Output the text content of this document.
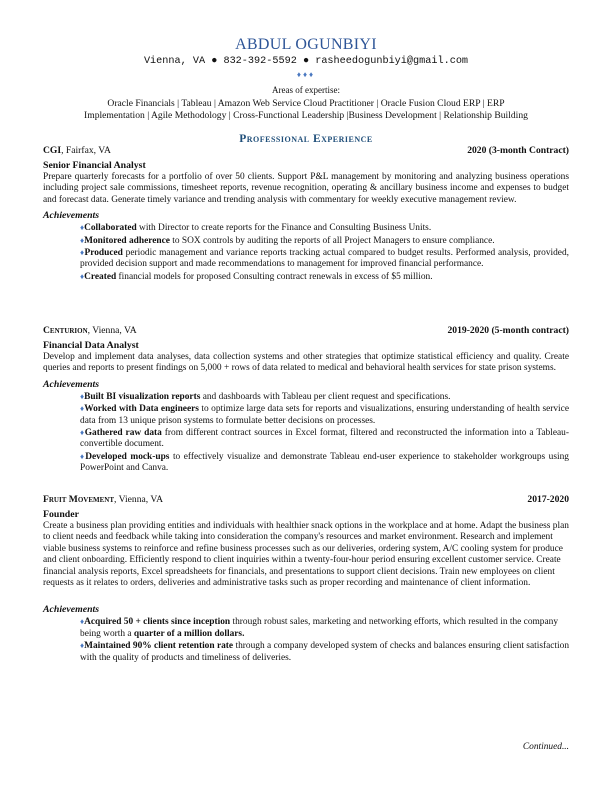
ABDUL OGUNBIYI
Vienna, VA ● 832-392-5592 ● rasheedogunbiyi@gmail.com
♦♦♦
Areas of expertise:
Oracle Financials | Tableau | Amazon Web Service Cloud Practitioner | Oracle Fusion Cloud ERP | ERP
Implementation | Agile Methodology | Cross-Functional Leadership |Business Development | Relationship Building
Professional Experience
CGI, Fairfax, VA	2020 (3-month Contract)
Senior Financial Analyst
Prepare quarterly forecasts for a portfolio of over 50 clients. Support P&L management by monitoring and analyzing business operations including project sale commissions, timesheet reports, revenue recognition, operating & ancillary business income and expenses to budget and forecast data. Generate timely variance and trending analysis with commentary for weekly executive management review.
Achievements
♦Collaborated with Director to create reports for the Finance and Consulting Business Units.
♦Monitored adherence to SOX controls by auditing the reports of all Project Managers to ensure compliance.
♦Produced periodic management and variance reports tracking actual compared to budget results. Performed analysis, provided, provided decision support and made recommendations to management for improved financial performance.
♦Created financial models for proposed Consulting contract renewals in excess of $5 million.
Centurion, Vienna, VA	2019-2020 (5-month contract)
Financial Data Analyst
Develop and implement data analyses, data collection systems and other strategies that optimize statistical efficiency and quality. Create queries and reports to present findings on 5,000 + rows of data related to medical and behavioral health services for state prison systems.
Achievements
♦Built BI visualization reports and dashboards with Tableau per client request and specifications.
♦Worked with Data engineers to optimize large data sets for reports and visualizations, ensuring understanding of health service data from 13 unique prison systems to formulate better decisions on processes.
♦Gathered raw data from different contract sources in Excel format, filtered and reconstructed the information into a Tableau-convertible document.
♦Developed mock-ups to effectively visualize and demonstrate Tableau end-user experience to stakeholder workgroups using PowerPoint and Canva.
Fruit Movement, Vienna, VA	2017-2020
Founder
Create a business plan providing entities and individuals with healthier snack options in the workplace and at home. Adapt the business plan to client needs and feedback while taking into consideration the company's resources and market environment. Research and implement viable business systems to reinforce and refine business processes such as our deliveries, ordering system, A/C cooling system for produce and client onboarding. Efficiently respond to client inquiries within a twenty-four-hour period ensuring excellent customer service. Create financial analysis reports, Excel spreadsheets for financials, and presentations to support client decisions. Train new employees on client requests as it relates to orders, deliveries and administrative tasks such as proper recording and maintenance of client information.
Achievements
♦Acquired 50 + clients since inception through robust sales, marketing and networking efforts, which resulted in the company being worth a quarter of a million dollars.
♦Maintained 90% client retention rate through a company developed system of checks and balances ensuring client satisfaction with the quality of products and timeliness of deliveries.
Continued...
